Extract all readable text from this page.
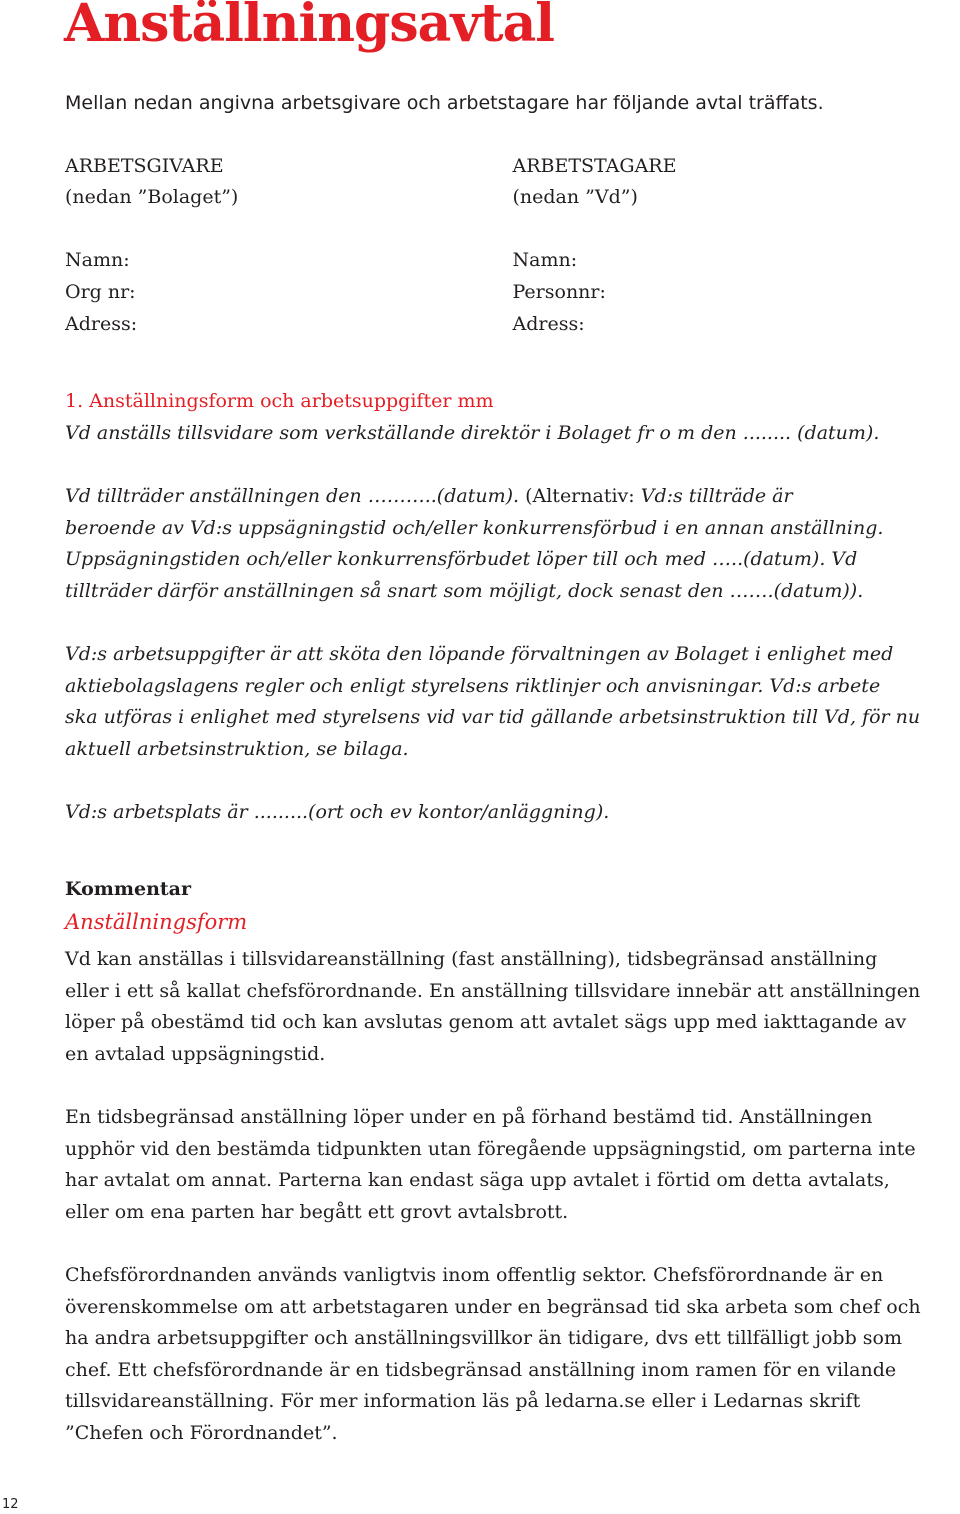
Anställningsavtal

Mellan nedan angivna arbetsgivare och arbetstagare har följande avtal träffats.

ARBETSGIVARE

(nedan ”Bolaget”)

Namn:

Org nr:

Adress:

ARBETSTAGARE

(nedan ”Vd”)

Namn:

Personnr:

Adress:

1. Anställningsform och arbetsuppgifter mm

Vd anställs tillsvidare som verkställande direktör i Bolaget fr o m den ........ (datum).

Vd tillträder anställningen den ………..(datum). (Alternativ: Vd:s tillträde är

beroende av Vd:s uppsägningstid och/eller konkurrensförbud i en annan anställning.

Uppsägningstiden och/eller konkurrensförbudet löper till och med …..(datum). Vd

tillträder därför anställningen så snart som möjligt, dock senast den …….(datum)).

Vd:s arbetsuppgifter är att sköta den löpande förvaltningen av Bolaget i enlighet med

aktiebolagslagens regler och enligt styrelsens riktlinjer och anvisningar. Vd:s arbete

ska utföras i enlighet med styrelsens vid var tid gällande arbetsinstruktion till Vd, för nu

aktuell arbetsinstruktion, se bilaga.

Vd:s arbetsplats är .........(ort och ev kontor/anläggning).

Kommentar

Anställningsform

Vd kan anställas i tillsvidareanställning (fast anställning), tidsbegränsad anställning

eller i ett så kallat chefsförordnande. En anställning tillsvidare innebär att anställningen

löper på obestämd tid och kan avslutas genom att avtalet sägs upp med iakttagande av

en avtalad uppsägningstid.

En tidsbegränsad anställning löper under en på förhand bestämd tid. Anställningen

upphör vid den bestämda tidpunkten utan föregående uppsägningstid, om parterna inte

har avtalat om annat. Parterna kan endast säga upp avtalet i förtid om detta avtalats,

eller om ena parten har begått ett grovt avtalsbrott.

Chefsförordnanden används vanligtvis inom offentlig sektor. Chefsförordnande är en

överenskommelse om att arbetstagaren under en begränsad tid ska arbeta som chef och

ha andra arbetsuppgifter och anställningsvillkor än tidigare, dvs ett tillfälligt jobb som

chef. Ett chefsförordnande är en tidsbegränsad anställning inom ramen för en vilande

tillsvidareanställning. För mer information läs på ledarna.se eller i Ledarnas skrift

”Chefen och Förordnandet”.

12
